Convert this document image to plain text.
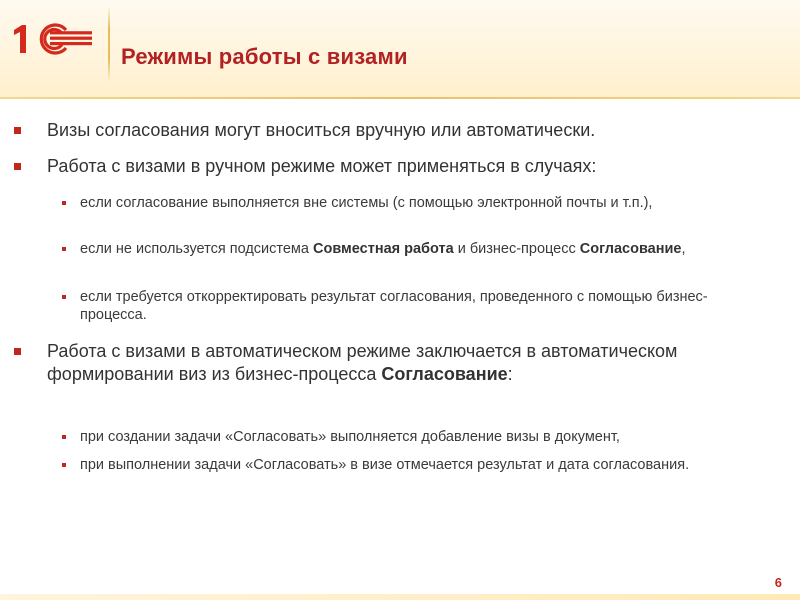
1С
Режимы работы с визами
Визы согласования могут вноситься вручную или автоматически.
Работа с визами в ручном режиме может применяться в случаях:
если согласование выполняется вне системы (с помощью электронной почты и т.п.),
если не используется подсистема Совместная работа и бизнес-процесс Согласование,
если требуется откорректировать результат согласования, проведенного с помощью бизнес-процесса.
Работа с визами в автоматическом режиме заключается в автоматическом формировании виз из бизнес-процесса Согласование:
при создании задачи «Согласовать» выполняется добавление визы в документ,
при выполнении задачи «Согласовать» в визе отмечается результат и дата согласования.
6
